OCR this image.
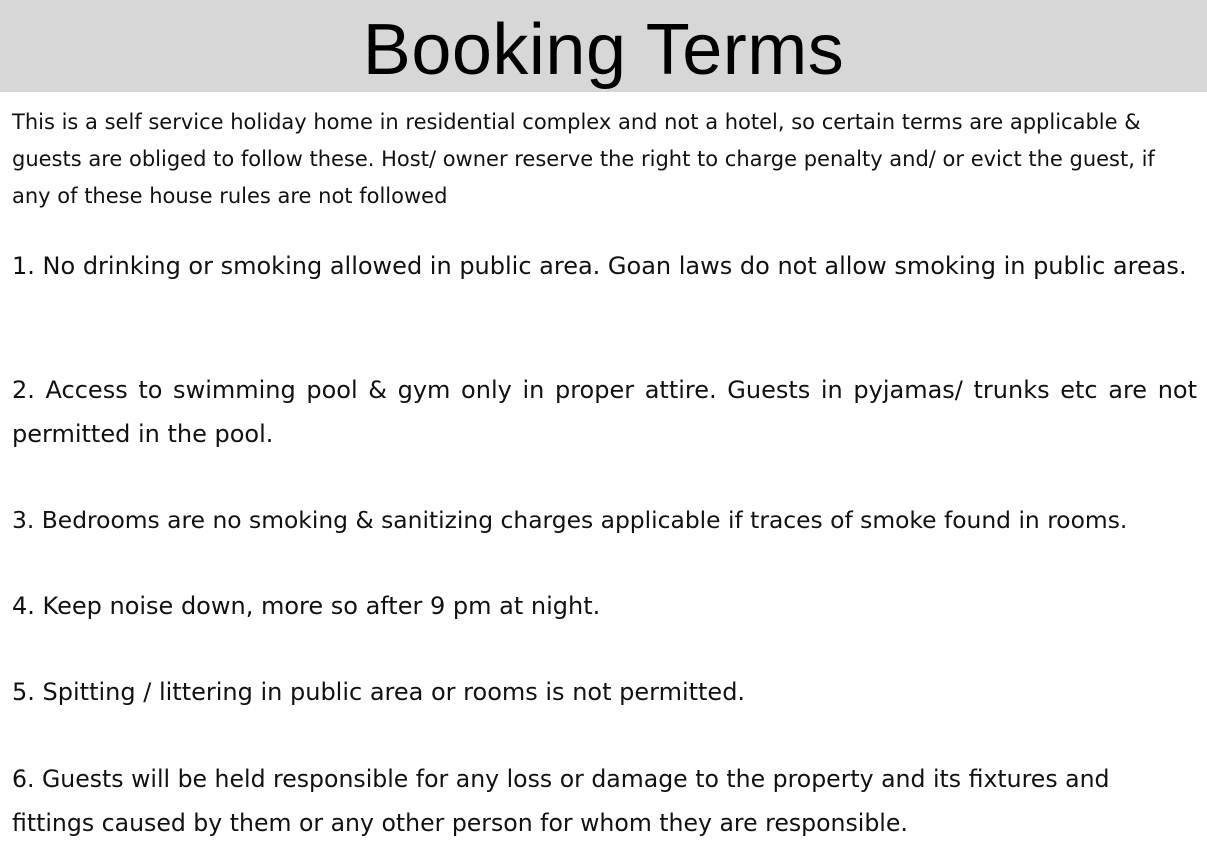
Booking Terms

This is a self service holiday home in residential complex and not a hotel, so certain terms are applicable & guests are obliged to follow these. Host/ owner reserve the right to charge penalty and/ or evict the guest, if any of these house rules are not followed

1. No drinking or smoking allowed in public area. Goan laws do not allow smoking in public areas.

2. Access to swimming pool & gym only in proper attire. Guests in pyjamas/ trunks etc are not permitted in the pool.

3. Bedrooms are no smoking & sanitizing charges applicable if traces of smoke found in rooms.

4. Keep noise down, more so after 9 pm at night.

5. Spitting / littering in public area or rooms is not permitted.

6. Guests will be held responsible for any loss or damage to the property and its fixtures and fittings caused by them or any other person for whom they are responsible.
